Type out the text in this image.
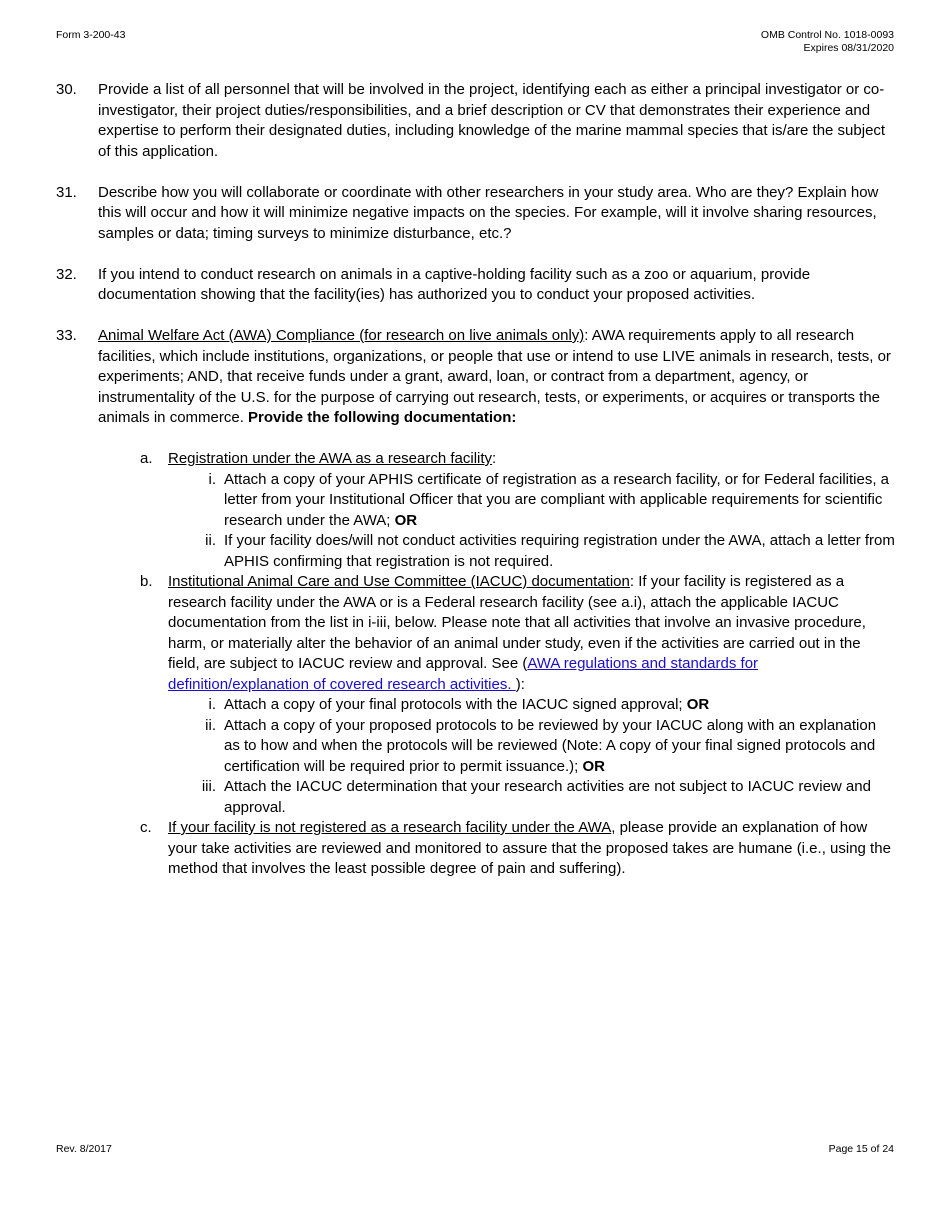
Form 3-200-43	OMB Control No. 1018-0093
Expires 08/31/2020
30. Provide a list of all personnel that will be involved in the project, identifying each as either a principal investigator or co-investigator, their project duties/responsibilities, and a brief description or CV that demonstrates their experience and expertise to perform their designated duties, including knowledge of the marine mammal species that is/are the subject of this application.
31. Describe how you will collaborate or coordinate with other researchers in your study area. Who are they? Explain how this will occur and how it will minimize negative impacts on the species. For example, will it involve sharing resources, samples or data; timing surveys to minimize disturbance, etc.?
32. If you intend to conduct research on animals in a captive-holding facility such as a zoo or aquarium, provide documentation showing that the facility(ies) has authorized you to conduct your proposed activities.
33. Animal Welfare Act (AWA) Compliance (for research on live animals only): AWA requirements apply to all research facilities, which include institutions, organizations, or people that use or intend to use LIVE animals in research, tests, or experiments; AND, that receive funds under a grant, award, loan, or contract from a department, agency, or instrumentality of the U.S. for the purpose of carrying out research, tests, or experiments, or acquires or transports the animals in commerce. Provide the following documentation:
a. Registration under the AWA as a research facility:
i. Attach a copy of your APHIS certificate of registration as a research facility, or for Federal facilities, a letter from your Institutional Officer that you are compliant with applicable requirements for scientific research under the AWA; OR
ii. If your facility does/will not conduct activities requiring registration under the AWA, attach a letter from APHIS confirming that registration is not required.
b. Institutional Animal Care and Use Committee (IACUC) documentation: If your facility is registered as a research facility under the AWA or is a Federal research facility (see a.i), attach the applicable IACUC documentation from the list in i-iii, below. Please note that all activities that involve an invasive procedure, harm, or materially alter the behavior of an animal under study, even if the activities are carried out in the field, are subject to IACUC review and approval. See (AWA regulations and standards for definition/explanation of covered research activities. ):
i. Attach a copy of your final protocols with the IACUC signed approval; OR
ii. Attach a copy of your proposed protocols to be reviewed by your IACUC along with an explanation as to how and when the protocols will be reviewed (Note: A copy of your final signed protocols and certification will be required prior to permit issuance.); OR
iii. Attach the IACUC determination that your research activities are not subject to IACUC review and approval.
c. If your facility is not registered as a research facility under the AWA, please provide an explanation of how your take activities are reviewed and monitored to assure that the proposed takes are humane (i.e., using the method that involves the least possible degree of pain and suffering).
Rev. 8/2017	Page 15 of 24
